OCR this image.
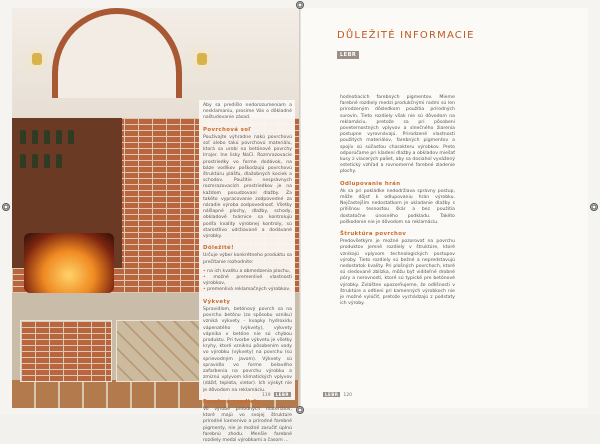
Aby sa predišlo nedorozumeniam a nesklamaniu, prosíme Vás o dôkladné naštudovanie zásad.

Povrchová soľ

Používajte výhradne nakú povrchovú soľ alebo takú povrchovú materiálu, ktorá sa urobí na betónové povrchy Irrajer. Ine lisky NaCl. Rozmrazovacie prostriedky vo forme dodávok, na báze vodíkov poškodzujú povrchovú štruktúru plášťu, dlažobných kociek a schodov. Použitie nesprávnych rozmrazovacích prostriedkov je na každom posudzovaní dlažby. Za takéto vypracovanie zodpovedné za náradie výroba zodpovednosť. Všetky nášlapné plochy, dlažby, schody, obkladové tvárnice sa kontrolujú podľa kvality výrobnej kontroly, sú starostlivo udržiavané a dodávané výrobky.

Dôležité!

Určuje výber konkrétneho produktu sa prečítanie rozhodnite:

• na ich kvalitu a obmedzenia plochu,
• možné premenlivé vlastnosti výrobkov,
• premenlivá reklamačných výrobkov.
Výkvety

Spravidlom, betónový povrch sa na povrchu betónu (zo spôsobu vzniku) vzniká výkvety - kvapky hydroxidu vápenatého (výkvety), výkvety vápnika v betóne nie sú chybou produktu. Pri tvorbe výkvetu je všetky kryhy, ktoré vzniknú pôsobením vody vo výrobku (výkvety) na povrchu (sú sprievodným javom). Výkvety sú spravidla vo forme belavého zafarbenia na povrchu výrobku a zmiznú vplyvom klimatických vplyvov (dážď, teplota, vietor). Ich výskyt nie je dôvodom na reklamáciu.

Farebné rozdiely

Vo výrobe prírodných materiálov, ktoré majú vo svojej štruktúre prírodné kamenivo a prírodné farebné pigmenty, nie je možné zaručiť úplnú farebnú zhodu. Menšie farebné rozdiely medzi výrobkami a časom ...

DŮLEŽITÉ INFORMACIE
LEBR

hodnotiacich farebných pigmentov. Mierne farebné rozdiely medzi produkčnými radmi sú len prirodzeným dôsledkom použitia prírodných surovín. Tieto rozdiely však nie sú dôvodom na reklamáciu, pretože sa pri pôsobení poveternostných vplyvov a slnečného žiarenia postupne vyrovnávajú. Prirodzené vlastnosti použitých materiálov, farebných pigmentov a spojív sú súčasťou charakteru výrobkov. Preto odporúčame pri kladení dlažby a obkladov miešať kusy z viacerých paliet, aby sa dosiahol vyvážený estetický vzhľad a rovnomerné farebné zladenie plochy.

Odlupovanie hrán

Ak sa pri pokládke nedodržiava správny postup, môže dôjsť k odlupovaniu hrán výrobku. Nejčastejším nedostatkom je ukladanie dlažby s prílišnou tesnosťou škár a bez použitia dostatočne únosného podkladu. Takéto poškodenie nie je dôvodom na reklamáciu.

Štruktúra povrchov

Predovšetkým je možné pozorovať na povrchu produktov jemné rozdiely v štruktúre, ktoré vznikajú vplyvom technologických postupov výroby. Tieto rozdiely sú bežné a nepredstavujú nedostatok kvality. Pri plošných povrchoch, ktoré sú sledované zblízka, môžu byť viditeľné drobné póry a nerovnosti, ktoré sú typické pre betónové výrobky. Zvláštne upozorňujeme, že odlišnosti v štruktúre a odtieni pri kamenných výrobkoch nie je možné vylúčiť, pretože vychádzajú z podstaty ich výroby.

119 LEBR	LEBR 120
